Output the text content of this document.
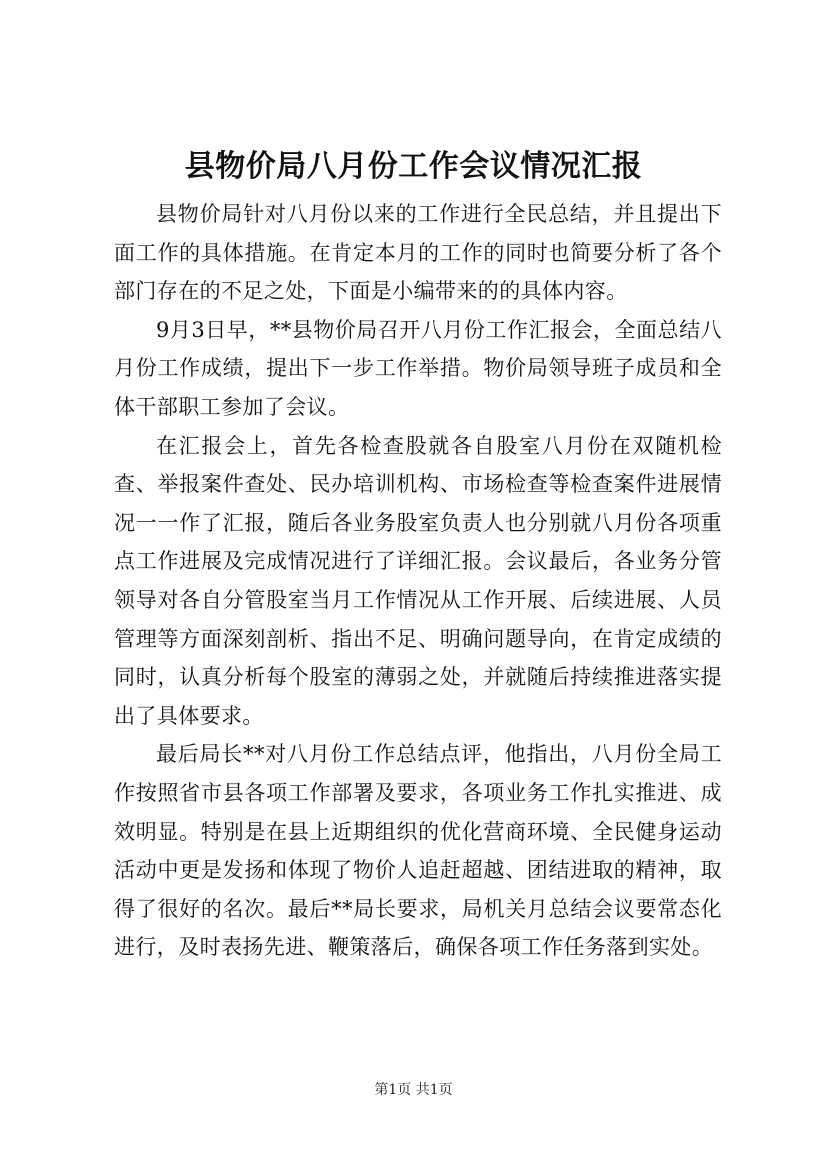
县物价局八月份工作会议情况汇报

县物价局针对八月份以来的工作进行全民总结，并且提出下面工作的具体措施。在肯定本月的工作的同时也简要分析了各个部门存在的不足之处，下面是小编带来的的具体内容。

9月3日早，**县物价局召开八月份工作汇报会，全面总结八月份工作成绩，提出下一步工作举措。物价局领导班子成员和全体干部职工参加了会议。

在汇报会上，首先各检查股就各自股室八月份在双随机检查、举报案件查处、民办培训机构、市场检查等检查案件进展情况一一作了汇报，随后各业务股室负责人也分别就八月份各项重点工作进展及完成情况进行了详细汇报。会议最后，各业务分管领导对各自分管股室当月工作情况从工作开展、后续进展、人员管理等方面深刻剖析、指出不足、明确问题导向，在肯定成绩的同时，认真分析每个股室的薄弱之处，并就随后持续推进落实提出了具体要求。

最后局长**对八月份工作总结点评，他指出，八月份全局工作按照省市县各项工作部署及要求，各项业务工作扎实推进、成效明显。特别是在县上近期组织的优化营商环境、全民健身运动活动中更是发扬和体现了物价人追赶超越、团结进取的精神，取得了很好的名次。最后**局长要求，局机关月总结会议要常态化进行，及时表扬先进、鞭策落后，确保各项工作任务落到实处。

第1页 共1页
